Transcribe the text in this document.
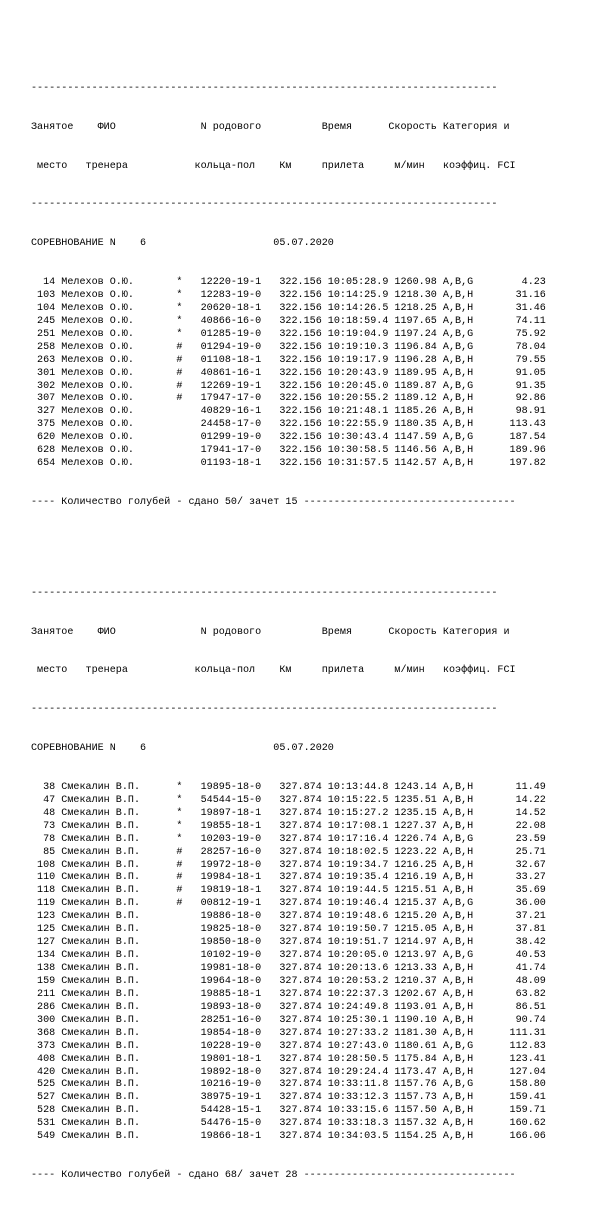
-----------------------------------------------------------------------------

Занятое    ФИО              N родового          Время      Скорость Категория и

место   тренера           кольца-пол    Км     прилета     м/мин   коэффиц. FCI

-----------------------------------------------------------------------------

СОРЕВНОВАНИЕ N    6                     05.07.2020

14 Мелехов О.Ю.       *   12220-19-1   322.156 10:05:28.9 1260.98 A,B,G        4.23
103 Мелехов О.Ю.       *   12283-19-0   322.156 10:14:25.9 1218.30 A,B,H       31.16
104 Мелехов О.Ю.       *   20620-18-1   322.156 10:14:26.5 1218.25 A,B,H       31.46
245 Мелехов О.Ю.       *   40866-16-0   322.156 10:18:59.4 1197.65 A,B,H       74.11
251 Мелехов О.Ю.       *   01285-19-0   322.156 10:19:04.9 1197.24 A,B,G       75.92
258 Мелехов О.Ю.       #   01294-19-0   322.156 10:19:10.3 1196.84 A,B,G       78.04
263 Мелехов О.Ю.       #   01108-18-1   322.156 10:19:17.9 1196.28 A,B,H       79.55
301 Мелехов О.Ю.       #   40861-16-1   322.156 10:20:43.9 1189.95 A,B,H       91.05
302 Мелехов О.Ю.       #   12269-19-1   322.156 10:20:45.0 1189.87 A,B,G       91.35
307 Мелехов О.Ю.       #   17947-17-0   322.156 10:20:55.2 1189.12 A,B,H       92.86
327 Мелехов О.Ю.           40829-16-1   322.156 10:21:48.1 1185.26 A,B,H       98.91
375 Мелехов О.Ю.           24458-17-0   322.156 10:22:55.9 1180.35 A,B,H      113.43
620 Мелехов О.Ю.           01299-19-0   322.156 10:30:43.4 1147.59 A,B,G      187.54
628 Мелехов О.Ю.           17941-17-0   322.156 10:30:58.5 1146.56 A,B,H      189.96
654 Мелехов О.Ю.           01193-18-1   322.156 10:31:57.5 1142.57 A,B,H      197.82

---- Количество голубей - сдано 50/ зачет 15 -----------------------------------

-----------------------------------------------------------------------------

Занятое    ФИО              N родового          Время      Скорость Категория и

место   тренера           кольца-пол    Км     прилета     м/мин   коэффиц. FCI

-----------------------------------------------------------------------------

СОРЕВНОВАНИЕ N    6                     05.07.2020

38 Смекалин В.П.      *   19895-18-0   327.874 10:13:44.8 1243.14 A,B,H       11.49
47 Смекалин В.П.      *   54544-15-0   327.874 10:15:22.5 1235.51 A,B,H       14.22
48 Смекалин В.П.      *   19897-18-1   327.874 10:15:27.2 1235.15 A,B,H       14.52
73 Смекалин В.П.      *   19855-18-1   327.874 10:17:08.1 1227.37 A,B,H       22.08
78 Смекалин В.П.      *   10203-19-0   327.874 10:17:16.4 1226.74 A,B,G       23.59
85 Смекалин В.П.      #   28257-16-0   327.874 10:18:02.5 1223.22 A,B,H       25.71
108 Смекалин В.П.      #   19972-18-0   327.874 10:19:34.7 1216.25 A,B,H       32.67
110 Смекалин В.П.      #   19984-18-1   327.874 10:19:35.4 1216.19 A,B,H       33.27
118 Смекалин В.П.      #   19819-18-1   327.874 10:19:44.5 1215.51 A,B,H       35.69
119 Смекалин В.П.      #   00812-19-1   327.874 10:19:46.4 1215.37 A,B,G       36.00
123 Смекалин В.П.          19886-18-0   327.874 10:19:48.6 1215.20 A,B,H       37.21
125 Смекалин В.П.          19825-18-0   327.874 10:19:50.7 1215.05 A,B,H       37.81
127 Смекалин В.П.          19850-18-0   327.874 10:19:51.7 1214.97 A,B,H       38.42
134 Смекалин В.П.          10102-19-0   327.874 10:20:05.0 1213.97 A,B,G       40.53
138 Смекалин В.П.          19981-18-0   327.874 10:20:13.6 1213.33 A,B,H       41.74
159 Смекалин В.П.          19964-18-0   327.874 10:20:53.2 1210.37 A,B,H       48.09
211 Смекалин В.П.          19885-18-1   327.874 10:22:37.3 1202.67 A,B,H       63.82
286 Смекалин В.П.          19893-18-0   327.874 10:24:49.8 1193.01 A,B,H       86.51
300 Смекалин В.П.          28251-16-0   327.874 10:25:30.1 1190.10 A,B,H       90.74
368 Смекалин В.П.          19854-18-0   327.874 10:27:33.2 1181.30 A,B,H      111.31
373 Смекалин В.П.          10228-19-0   327.874 10:27:43.0 1180.61 A,B,G      112.83
408 Смекалин В.П.          19801-18-1   327.874 10:28:50.5 1175.84 A,B,H      123.41
420 Смекалин В.П.          19892-18-0   327.874 10:29:24.4 1173.47 A,B,H      127.04
525 Смекалин В.П.          10216-19-0   327.874 10:33:11.8 1157.76 A,B,G      158.80
527 Смекалин В.П.          38975-19-1   327.874 10:33:12.3 1157.73 A,B,H      159.41
528 Смекалин В.П.          54428-15-1   327.874 10:33:15.6 1157.50 A,B,H      159.71
531 Смекалин В.П.          54476-15-0   327.874 10:33:18.3 1157.32 A,B,H      160.62
549 Смекалин В.П.          19866-18-1   327.874 10:34:03.5 1154.25 A,B,H      166.06

---- Количество голубей - сдано 68/ зачет 28 -----------------------------------
